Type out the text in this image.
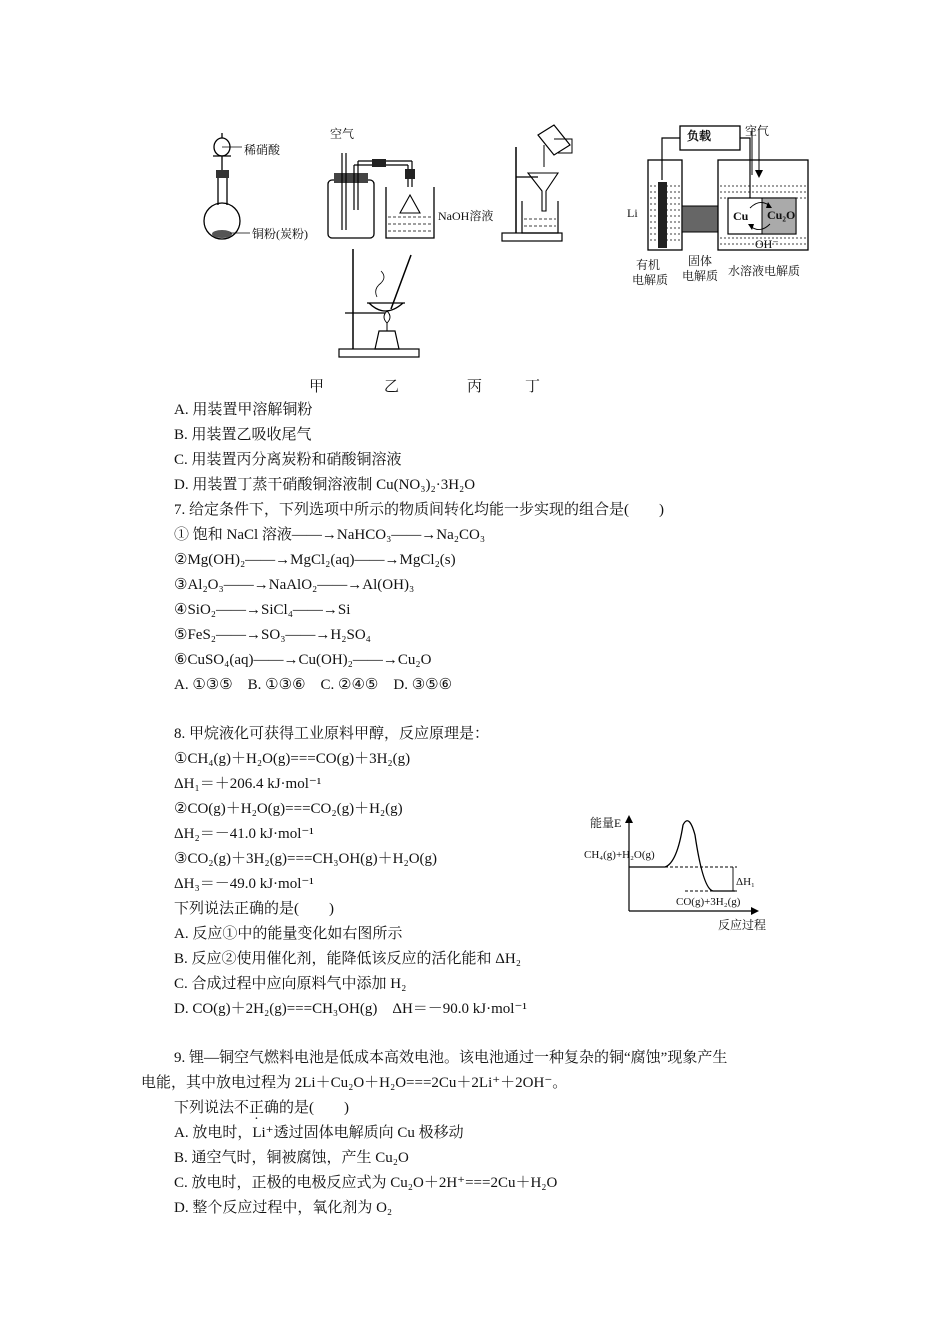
稀硝酸
铜粉(炭粉)
空气
NaOH溶液
甲	乙	丙	丁
负载	空气
Li	Cu Cu₂O
OH⁻
有机
电解质
固体
电解质 水溶液电解质
A. 用装置甲溶解铜粉
B. 用装置乙吸收尾气
C. 用装置丙分离炭粉和硝酸铜溶液
D. 用装置丁蒸干硝酸铜溶液制 Cu(NO₃)₂·3H₂O
7. 给定条件下，下列选项中所示的物质间转化均能一步实现的组合是(　　)
① 饱和 NaCl 溶液——→NaHCO₃——→Na₂CO₃
②Mg(OH)₂——→MgCl₂(aq)——→MgCl₂(s)
③Al₂O₃——→NaAlO₂——→Al(OH)₃
④SiO₂——→SiCl₄——→Si
⑤FeS₂——→SO₃——→H₂SO₄
⑥CuSO₄(aq)——→Cu(OH)₂——→Cu₂O
A. ①③⑤　B. ①③⑥　C. ②④⑤　D. ③⑤⑥
8. 甲烷液化可获得工业原料甲醇，反应原理是：
①CH₄(g)＋H₂O(g)===CO(g)＋3H₂(g)
ΔH₁＝＋206.4 kJ·mol⁻¹
②CO(g)＋H₂O(g)===CO₂(g)＋H₂(g)
ΔH₂＝－41.0 kJ·mol⁻¹
③CO₂(g)＋3H₂(g)===CH₃OH(g)＋H₂O(g)
ΔH₃＝－49.0 kJ·mol⁻¹
下列说法正确的是(　　)
A. 反应①中的能量变化如右图所示
B. 反应②使用催化剂，能降低该反应的活化能和 ΔH₂
C. 合成过程中应向原料气中添加 H₂
D. CO(g)＋2H₂(g)===CH₃OH(g)　ΔH＝－90.0 kJ·mol⁻¹
能量E
CH₄(g)+H₂O(g)
ΔH₁
CO(g)+3H₂(g)
反应过程
9. 锂—铜空气燃料电池是低成本高效电池。该电池通过一种复杂的铜“腐蚀”现象产生
电能，其中放电过程为 2Li＋Cu₂O＋H₂O===2Cu＋2Li⁺＋2OH⁻。
下列说法不正确的是(　　)
A. 放电时，Li⁺透过固体电解质向 Cu 极移动
B. 通空气时，铜被腐蚀，产生 Cu₂O
C. 放电时，正极的电极反应式为 Cu₂O＋2H⁺===2Cu＋H₂O
D. 整个反应过程中，氧化剂为 O₂
